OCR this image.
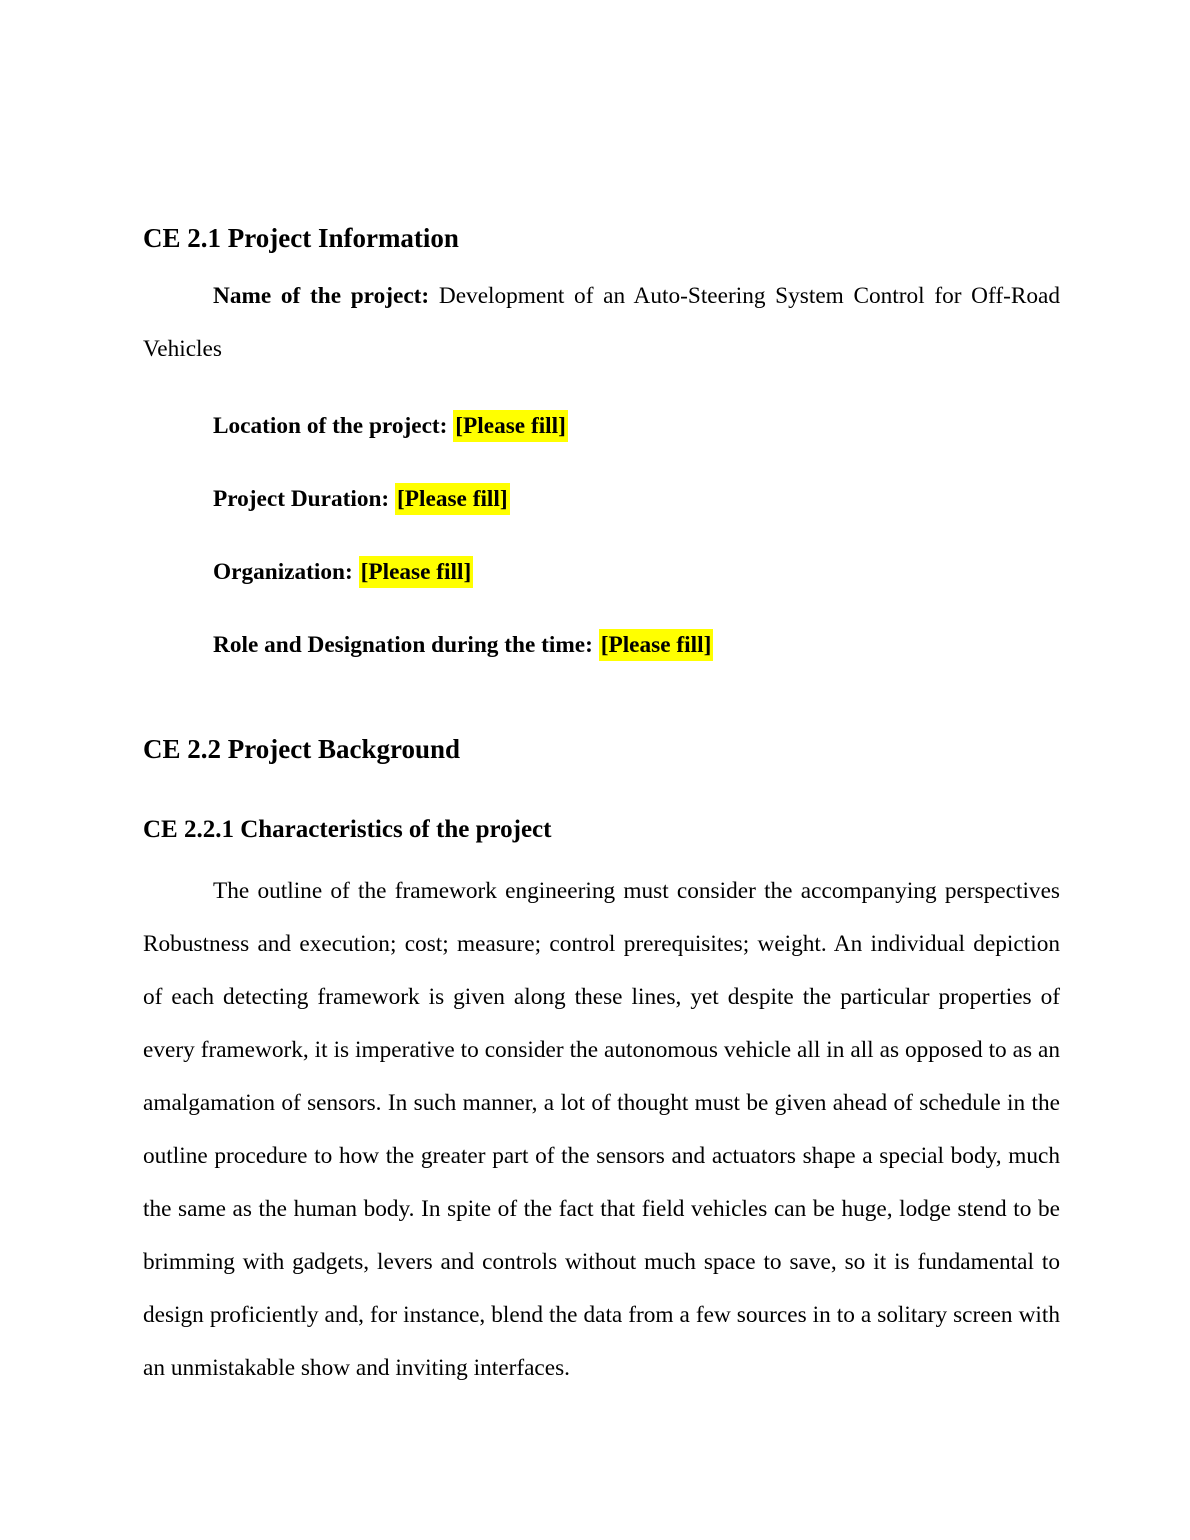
CE 2.1 Project Information

Name of the project: Development of an Auto-Steering System Control for Off-Road Vehicles

Location of the project: [Please fill]

Project Duration: [Please fill]

Organization: [Please fill]

Role and Designation during the time: [Please fill]

CE 2.2 Project Background
CE 2.2.1 Characteristics of the project

The outline of the framework engineering must consider the accompanying perspectives Robustness and execution; cost; measure; control prerequisites; weight. An individual depiction of each detecting framework is given along these lines, yet despite the particular properties of every framework, it is imperative to consider the autonomous vehicle all in all as opposed to as an amalgamation of sensors. In such manner, a lot of thought must be given ahead of schedule in the outline procedure to how the greater part of the sensors and actuators shape a special body, much the same as the human body. In spite of the fact that field vehicles can be huge, lodge stend to be brimming with gadgets, levers and controls without much space to save, so it is fundamental to design proficiently and, for instance, blend the data from a few sources in to a solitary screen with an unmistakable show and inviting interfaces.
